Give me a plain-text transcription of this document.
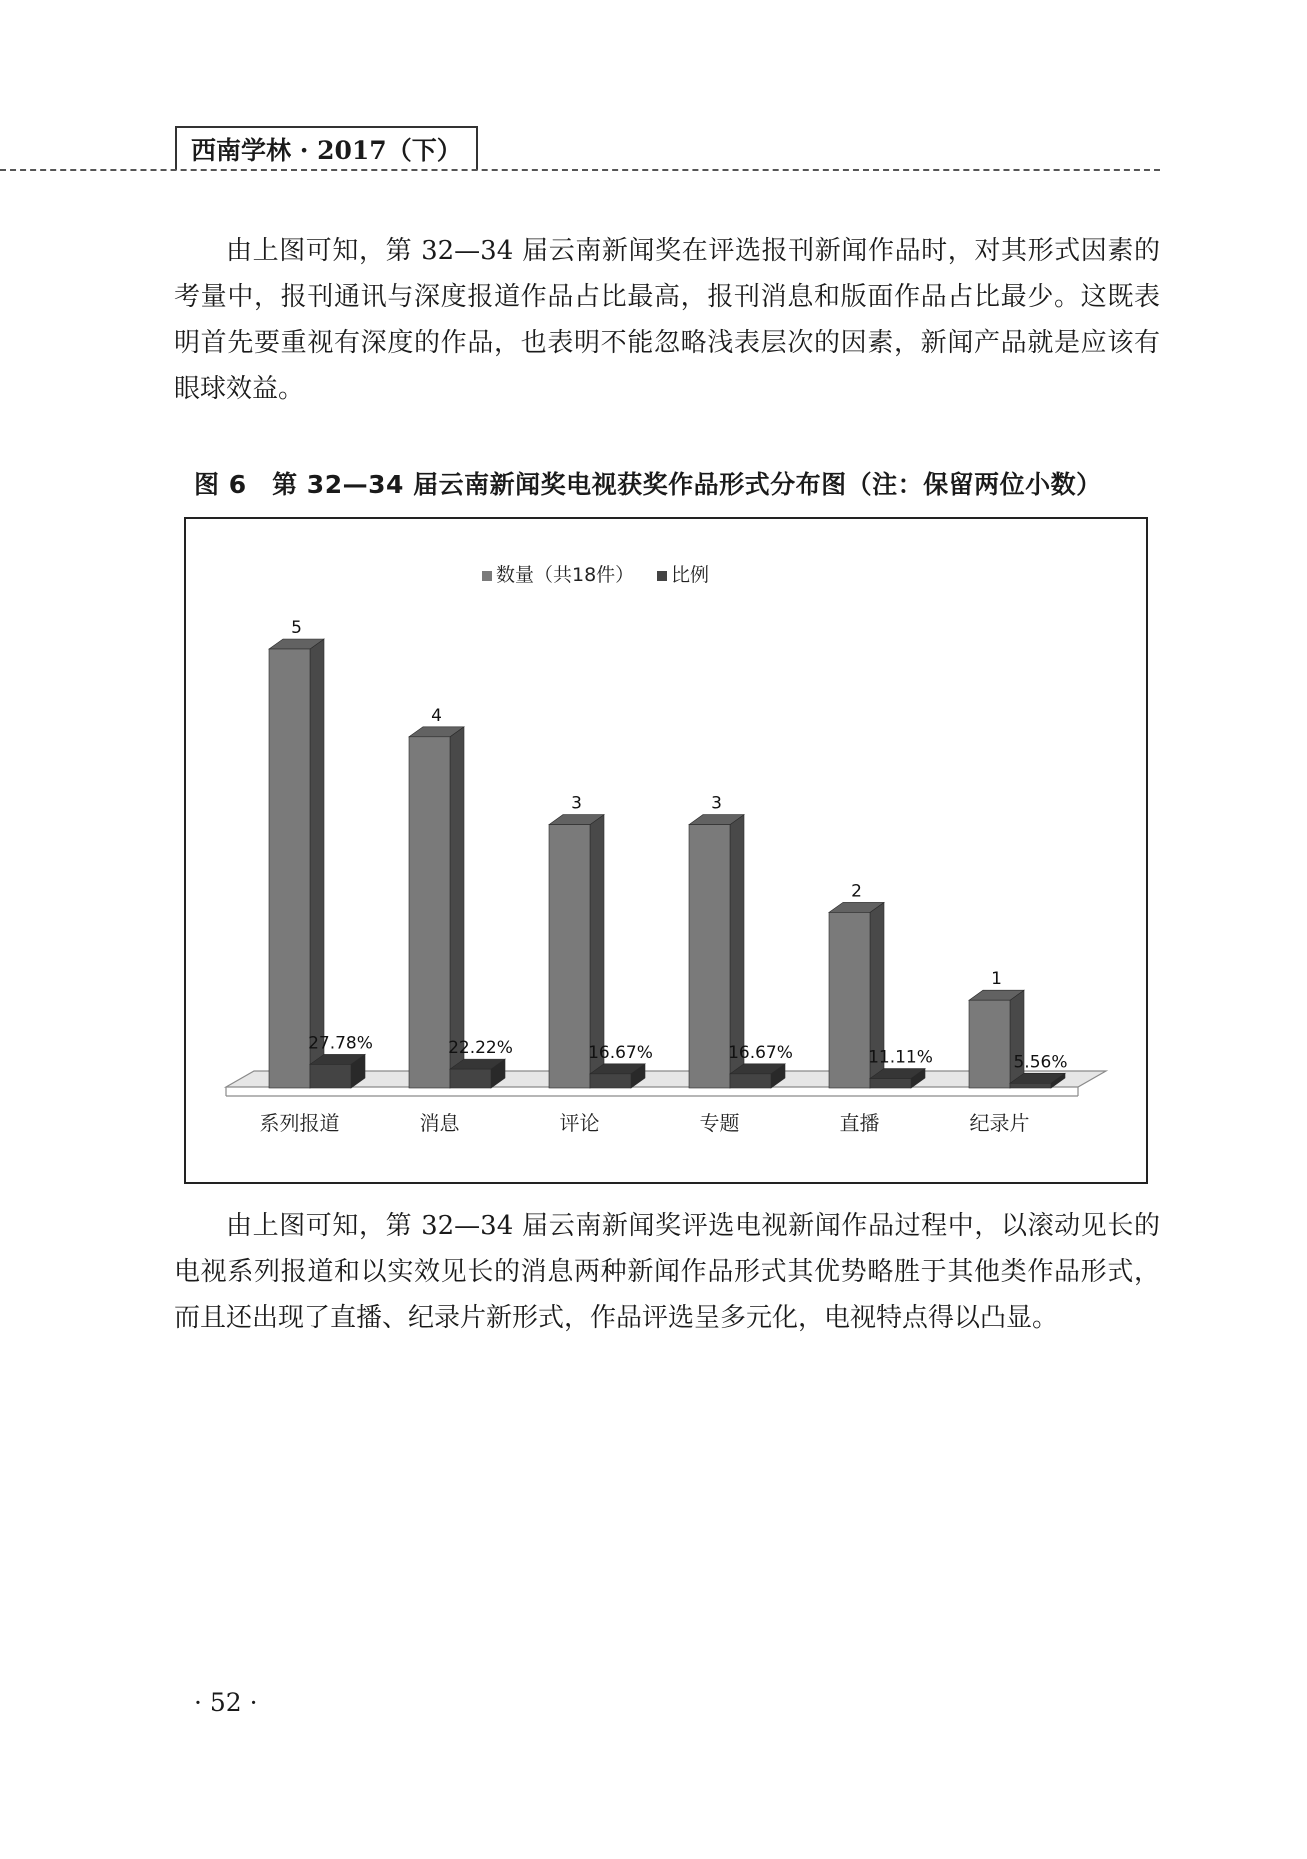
西南学林 · 2017（下）

由上图可知，第 32—34 届云南新闻奖在评选报刊新闻作品时，对其形式因素的考量中，报刊通讯与深度报道作品占比最高，报刊消息和版面作品占比最少。这既表明首先要重视有深度的作品，也表明不能忽略浅表层次的因素，新闻产品就是应该有眼球效益。

图 6　第 32—34 届云南新闻奖电视获奖作品形式分布图（注：保留两位小数）
5
27.78%
系列报道
4
22.22%
消息
3
16.67%
评论
3
16.67%
专题
2
11.11%
直播
1
5.56%
纪录片
数量（共18件） 比例

由上图可知，第 32—34 届云南新闻奖评选电视新闻作品过程中，以滚动见长的电视系列报道和以实效见长的消息两种新闻作品形式其优势略胜于其他类作品形式，而且还出现了直播、纪录片新形式，作品评选呈多元化，电视特点得以凸显。

· 52 ·
